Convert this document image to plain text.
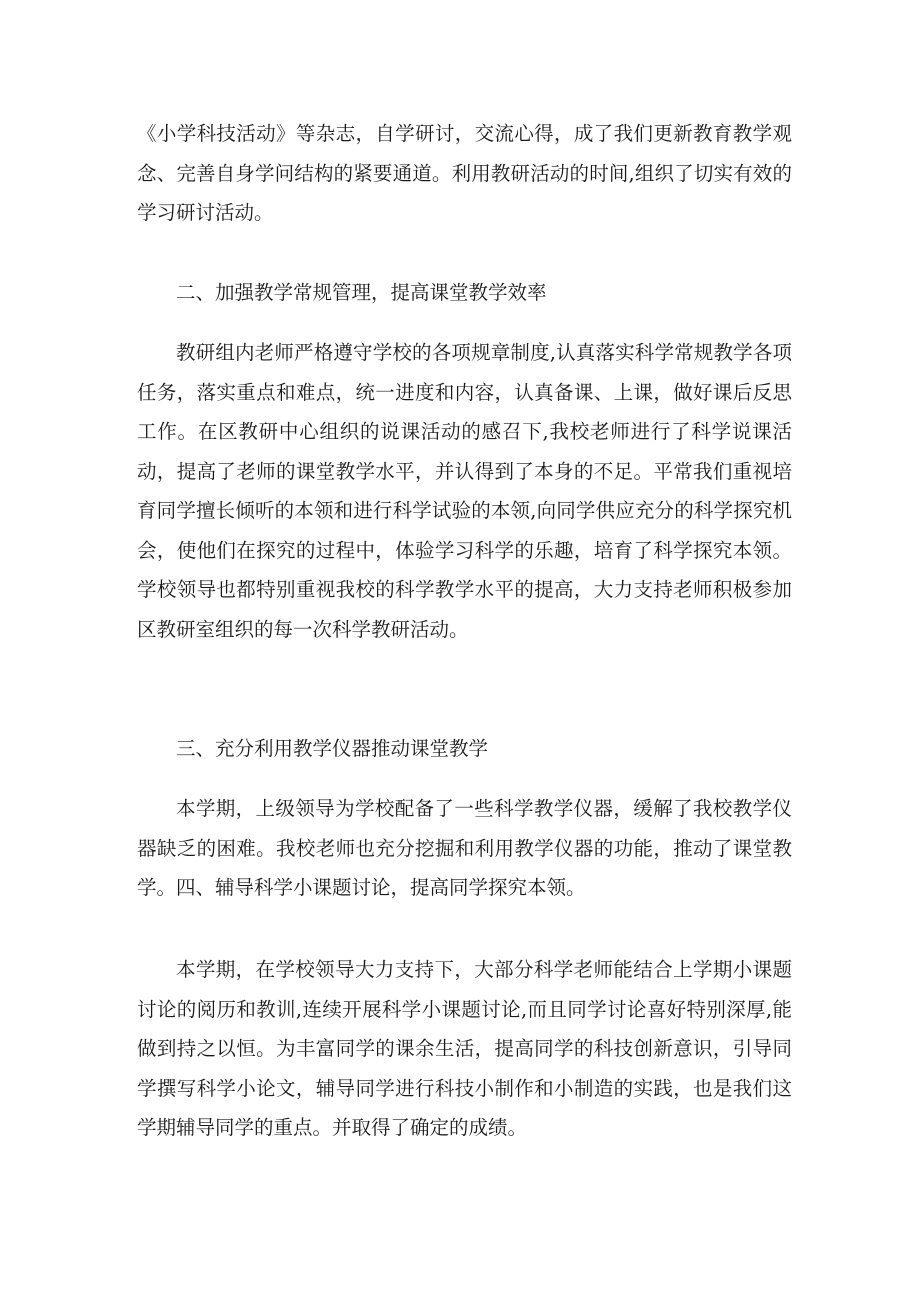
《小学科技活动》等杂志，自学研讨，交流心得，成了我们更新教育教学观念、完善自身学问结构的紧要通道。利用教研活动的时间,组织了切实有效的学习研讨活动。

二、加强教学常规管理，提高课堂教学效率

教研组内老师严格遵守学校的各项规章制度,认真落实科学常规教学各项任务，落实重点和难点，统一进度和内容，认真备课、上课，做好课后反思工作。在区教研中心组织的说课活动的感召下,我校老师进行了科学说课活动，提高了老师的课堂教学水平，并认得到了本身的不足。平常我们重视培育同学擅长倾听的本领和进行科学试验的本领,向同学供应充分的科学探究机会，使他们在探究的过程中，体验学习科学的乐趣，培育了科学探究本领。学校领导也都特别重视我校的科学教学水平的提高，大力支持老师积极参加区教研室组织的每一次科学教研活动。

三、充分利用教学仪器推动课堂教学

本学期，上级领导为学校配备了一些科学教学仪器，缓解了我校教学仪器缺乏的困难。我校老师也充分挖掘和利用教学仪器的功能，推动了课堂教学。四、辅导科学小课题讨论，提高同学探究本领。

本学期，在学校领导大力支持下，大部分科学老师能结合上学期小课题讨论的阅历和教训,连续开展科学小课题讨论,而且同学讨论喜好特别深厚,能做到持之以恒。为丰富同学的课余生活，提高同学的科技创新意识，引导同学撰写科学小论文，辅导同学进行科技小制作和小制造的实践，也是我们这学期辅导同学的重点。并取得了确定的成绩。
